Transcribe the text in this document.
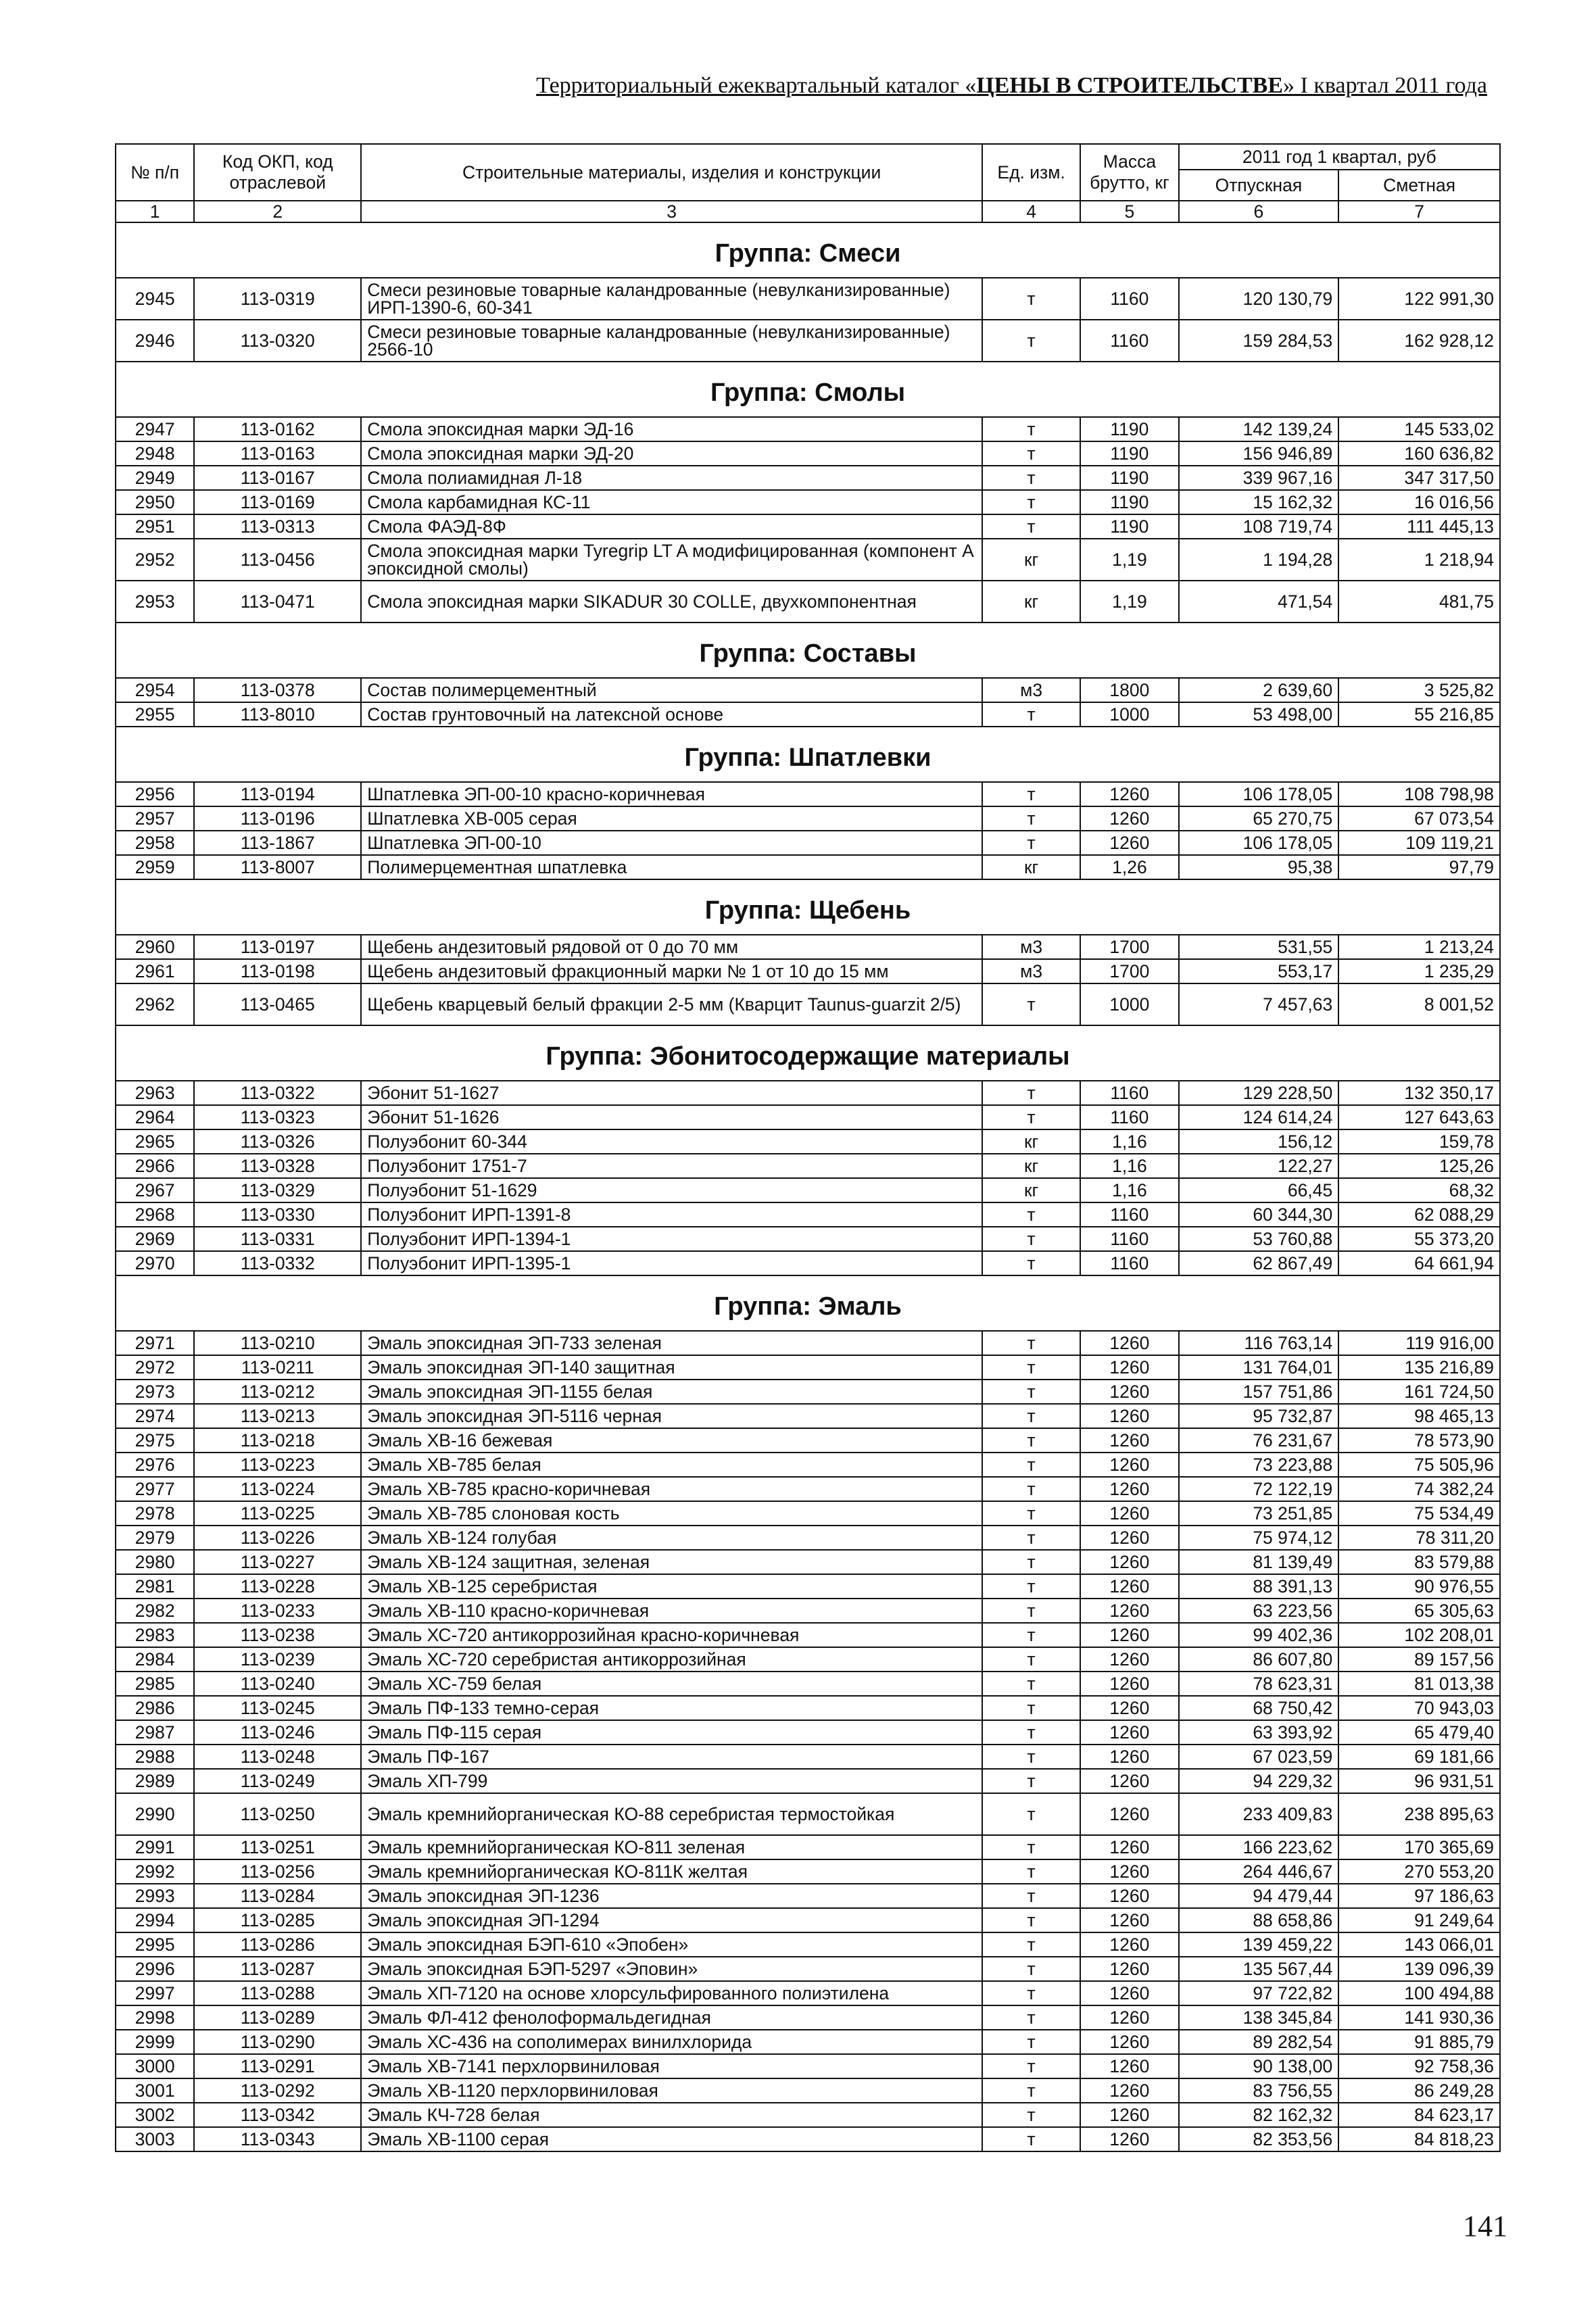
Территориальный ежеквартальный каталог «ЦЕНЫ В СТРОИТЕЛЬСТВЕ» I квартал 2011 года
№ п/п	Код ОКП, код отраслевой	Строительные материалы, изделия и конструкции	Ед. изм.	Масса брутто, кг	2011 год 1 квартал, руб	
					Отпускная	Сметная
1	2	3	4	5	6	7
Группа: Смеси						
2945	113-0319	Смеси резиновые товарные каландрованные (невулканизированные) ИРП-1390-6, 60-341	т	1160	120 130,79	122 991,30
2946	113-0320	Смеси резиновые товарные каландрованные (невулканизированные) 2566-10	т	1160	159 284,53	162 928,12
Группа: Смолы						
2947	113-0162	Смола эпоксидная марки ЭД-16	т	1190	142 139,24	145 533,02
2948	113-0163	Смола эпоксидная марки ЭД-20	т	1190	156 946,89	160 636,82
2949	113-0167	Смола полиамидная Л-18	т	1190	339 967,16	347 317,50
2950	113-0169	Смола карбамидная КС-11	т	1190	15 162,32	16 016,56
2951	113-0313	Смола ФАЭД-8Ф	т	1190	108 719,74	111 445,13
2952	113-0456	Смола эпоксидная марки Tyregrip LT A модифицированная (компонент А эпоксидной смолы)	кг	1,19	1 194,28	1 218,94
2953	113-0471	Смола эпоксидная марки SIKADUR 30 COLLE, двухкомпонентная	кг	1,19	471,54	481,75
Группа: Составы						
2954	113-0378	Состав полимерцементный	м3	1800	2 639,60	3 525,82
2955	113-8010	Состав грунтовочный на латексной основе	т	1000	53 498,00	55 216,85
Группа: Шпатлевки						
2956	113-0194	Шпатлевка ЭП-00-10 красно-коричневая	т	1260	106 178,05	108 798,98
2957	113-0196	Шпатлевка ХВ-005 серая	т	1260	65 270,75	67 073,54
2958	113-1867	Шпатлевка ЭП-00-10	т	1260	106 178,05	109 119,21
2959	113-8007	Полимерцементная шпатлевка	кг	1,26	95,38	97,79
Группа: Щебень						
2960	113-0197	Щебень андезитовый рядовой от 0 до 70 мм	м3	1700	531,55	1 213,24
2961	113-0198	Щебень андезитовый фракционный марки № 1 от 10 до 15 мм	м3	1700	553,17	1 235,29
2962	113-0465	Щебень кварцевый белый фракции 2-5 мм (Кварцит Taunus-guarzit 2/5)	т	1000	7 457,63	8 001,52
Группа: Эбонитосодержащие материалы						
2963	113-0322	Эбонит 51-1627	т	1160	129 228,50	132 350,17
2964	113-0323	Эбонит 51-1626	т	1160	124 614,24	127 643,63
2965	113-0326	Полуэбонит 60-344	кг	1,16	156,12	159,78
2966	113-0328	Полуэбонит 1751-7	кг	1,16	122,27	125,26
2967	113-0329	Полуэбонит 51-1629	кг	1,16	66,45	68,32
2968	113-0330	Полуэбонит ИРП-1391-8	т	1160	60 344,30	62 088,29
2969	113-0331	Полуэбонит ИРП-1394-1	т	1160	53 760,88	55 373,20
2970	113-0332	Полуэбонит ИРП-1395-1	т	1160	62 867,49	64 661,94
Группа: Эмаль						
2971	113-0210	Эмаль эпоксидная ЭП-733 зеленая	т	1260	116 763,14	119 916,00
2972	113-0211	Эмаль эпоксидная ЭП-140 защитная	т	1260	131 764,01	135 216,89
2973	113-0212	Эмаль эпоксидная ЭП-1155 белая	т	1260	157 751,86	161 724,50
2974	113-0213	Эмаль эпоксидная ЭП-5116 черная	т	1260	95 732,87	98 465,13
2975	113-0218	Эмаль ХВ-16 бежевая	т	1260	76 231,67	78 573,90
2976	113-0223	Эмаль ХВ-785 белая	т	1260	73 223,88	75 505,96
2977	113-0224	Эмаль ХВ-785 красно-коричневая	т	1260	72 122,19	74 382,24
2978	113-0225	Эмаль ХВ-785 слоновая кость	т	1260	73 251,85	75 534,49
2979	113-0226	Эмаль ХВ-124 голубая	т	1260	75 974,12	78 311,20
2980	113-0227	Эмаль ХВ-124 защитная, зеленая	т	1260	81 139,49	83 579,88
2981	113-0228	Эмаль ХВ-125 серебристая	т	1260	88 391,13	90 976,55
2982	113-0233	Эмаль ХВ-110 красно-коричневая	т	1260	63 223,56	65 305,63
2983	113-0238	Эмаль ХС-720 антикоррозийная красно-коричневая	т	1260	99 402,36	102 208,01
2984	113-0239	Эмаль ХС-720 серебристая антикоррозийная	т	1260	86 607,80	89 157,56
2985	113-0240	Эмаль ХС-759 белая	т	1260	78 623,31	81 013,38
2986	113-0245	Эмаль ПФ-133 темно-серая	т	1260	68 750,42	70 943,03
2987	113-0246	Эмаль ПФ-115 серая	т	1260	63 393,92	65 479,40
2988	113-0248	Эмаль ПФ-167	т	1260	67 023,59	69 181,66
2989	113-0249	Эмаль ХП-799	т	1260	94 229,32	96 931,51
2990	113-0250	Эмаль кремнийорганическая КО-88 серебристая термостойкая	т	1260	233 409,83	238 895,63
2991	113-0251	Эмаль кремнийорганическая КО-811 зеленая	т	1260	166 223,62	170 365,69
2992	113-0256	Эмаль кремнийорганическая КО-811К желтая	т	1260	264 446,67	270 553,20
2993	113-0284	Эмаль эпоксидная ЭП-1236	т	1260	94 479,44	97 186,63
2994	113-0285	Эмаль эпоксидная ЭП-1294	т	1260	88 658,86	91 249,64
2995	113-0286	Эмаль эпоксидная БЭП-610 «Эпобен»	т	1260	139 459,22	143 066,01
2996	113-0287	Эмаль эпоксидная БЭП-5297 «Эповин»	т	1260	135 567,44	139 096,39
2997	113-0288	Эмаль ХП-7120 на основе хлорсульфированного полиэтилена	т	1260	97 722,82	100 494,88
2998	113-0289	Эмаль ФЛ-412 фенолоформальдегидная	т	1260	138 345,84	141 930,36
2999	113-0290	Эмаль ХС-436 на сополимерах винилхлорида	т	1260	89 282,54	91 885,79
3000	113-0291	Эмаль ХВ-7141 перхлорвиниловая	т	1260	90 138,00	92 758,36
3001	113-0292	Эмаль ХВ-1120 перхлорвиниловая	т	1260	83 756,55	86 249,28
3002	113-0342	Эмаль КЧ-728 белая	т	1260	82 162,32	84 623,17
3003	113-0343	Эмаль ХВ-1100 серая	т	1260	82 353,56	84 818,23
141
